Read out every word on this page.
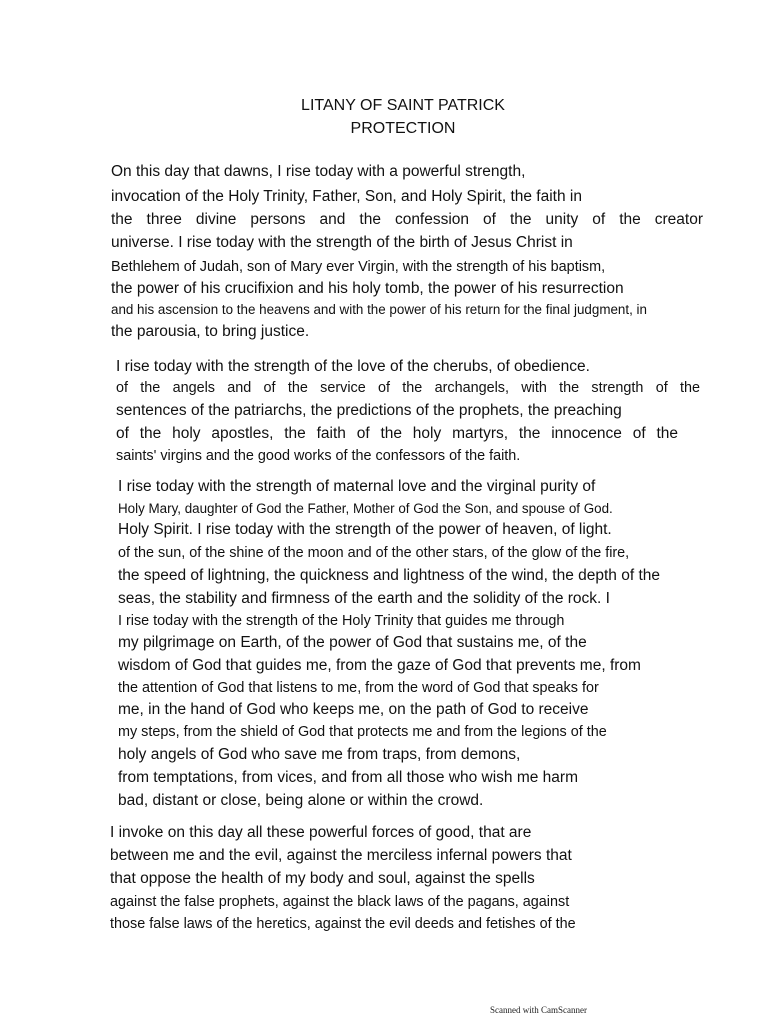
LITANY OF SAINT PATRICK
PROTECTION
On this day that dawns, I rise today with a powerful strength,
invocation of the Holy Trinity, Father, Son, and Holy Spirit, the faith in
the three divine persons and the confession of the unity of the creator
universe. I rise today with the strength of the birth of Jesus Christ in
Bethlehem of Judah, son of Mary ever Virgin, with the strength of his baptism,
the power of his crucifixion and his holy tomb, the power of his resurrection
and his ascension to the heavens and with the power of his return for the final judgment, in
the parousia, to bring justice.
I rise today with the strength of the love of the cherubs, of obedience.
of the angels and of the service of the archangels, with the strength of the
sentences of the patriarchs, the predictions of the prophets, the preaching
of the holy apostles, the faith of the holy martyrs, the innocence of the
saints' virgins and the good works of the confessors of the faith.
I rise today with the strength of maternal love and the virginal purity of
Holy Mary, daughter of God the Father, Mother of God the Son, and spouse of God.
Holy Spirit. I rise today with the strength of the power of heaven, of light.
of the sun, of the shine of the moon and of the other stars, of the glow of the fire,
the speed of lightning, the quickness and lightness of the wind, the depth of the
seas, the stability and firmness of the earth and the solidity of the rock. I
I rise today with the strength of the Holy Trinity that guides me through
my pilgrimage on Earth, of the power of God that sustains me, of the
wisdom of God that guides me, from the gaze of God that prevents me, from
the attention of God that listens to me, from the word of God that speaks for
me, in the hand of God who keeps me, on the path of God to receive
my steps, from the shield of God that protects me and from the legions of the
holy angels of God who save me from traps, from demons,
from temptations, from vices, and from all those who wish me harm
bad, distant or close, being alone or within the crowd.
I invoke on this day all these powerful forces of good, that are
between me and the evil, against the merciless infernal powers that
that oppose the health of my body and soul, against the spells
against the false prophets, against the black laws of the pagans, against
those false laws of the heretics, against the evil deeds and fetishes of the
Scanned with CamScanner
